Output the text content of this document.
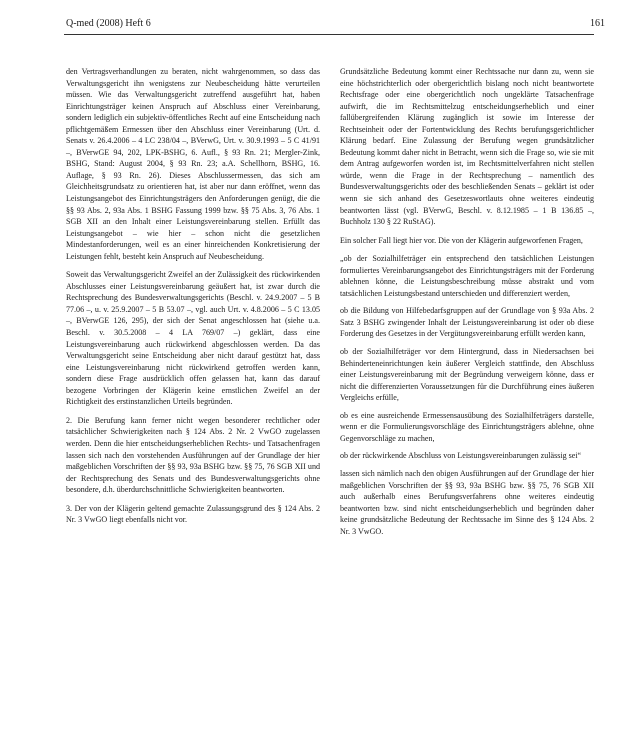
Q-med (2008) Heft 6	161

den Vertragsverhandlungen zu beraten, nicht wahrgenommen, so dass das Verwaltungsgericht ihn wenigstens zur Neubescheidung hätte verurteilen müssen. Wie das Verwaltungsgericht zutreffend ausgeführt hat, haben Einrichtungsträger keinen Anspruch auf Abschluss einer Vereinbarung, sondern lediglich ein subjektiv-öffentliches Recht auf eine Entscheidung nach pflichtgemäßem Ermessen über den Abschluss einer Vereinbarung (Urt. d. Senats v. 26.4.2006 – 4 LC 238/04 –, BVerwG, Urt. v. 30.9.1993 – 5 C 41/91 –, BVerwGE 94, 202, LPK-BSHG, 6. Aufl., § 93 Rn. 21; Mergler-Zink, BSHG, Stand: August 2004, § 93 Rn. 23; a.A. Schellhorn, BSHG, 16. Auflage, § 93 Rn. 26). Dieses Abschlussermessen, das sich am Gleichheitsgrundsatz zu orientieren hat, ist aber nur dann eröffnet, wenn das Leistungsangebot des Einrichtungsträgers den Anforderungen genügt, die die §§ 93 Abs. 2, 93a Abs. 1 BSHG Fassung 1999 bzw. §§ 75 Abs. 3, 76 Abs. 1 SGB XII an den Inhalt einer Leistungsvereinbarung stellen. Erfüllt das Leistungsangebot – wie hier – schon nicht die gesetzlichen Mindestanforderungen, weil es an einer hinreichenden Konkretisierung der Leistungen fehlt, besteht kein Anspruch auf Neubescheidung.

Soweit das Verwaltungsgericht Zweifel an der Zulässigkeit des rückwirkenden Abschlusses einer Leistungsvereinbarung geäußert hat, ist zwar durch die Rechtsprechung des Bundesverwaltungsgerichts (Beschl. v. 24.9.2007 – 5 B 77.06 –, u. v. 25.9.2007 – 5 B 53.07 –, vgl. auch Urt. v. 4.8.2006 – 5 C 13.05 –, BVerwGE 126, 295), der sich der Senat angeschlossen hat (siehe u.a. Beschl. v. 30.5.2008 – 4 LA 769/07 –) geklärt, dass eine Leistungsvereinbarung auch rückwirkend abgeschlossen werden. Da das Verwaltungsgericht seine Entscheidung aber nicht darauf gestützt hat, dass eine Leistungsvereinbarung nicht rückwirkend getroffen werden kann, sondern diese Frage ausdrücklich offen gelassen hat, kann das darauf bezogene Vorbringen der Klägerin keine ernstlichen Zweifel an der Richtigkeit des erstinstanzlichen Urteils begründen.

2. Die Berufung kann ferner nicht wegen besonderer rechtlicher oder tatsächlicher Schwierigkeiten nach § 124 Abs. 2 Nr. 2 VwGO zugelassen werden. Denn die hier entscheidungserheblichen Rechts- und Tatsachenfragen lassen sich nach den vorstehenden Ausführungen auf der Grundlage der hier maßgeblichen Vorschriften der §§ 93, 93a BSHG bzw. §§ 75, 76 SGB XII und der Rechtsprechung des Senats und des Bundesverwaltungsgerichts ohne besondere, d.h. überdurchschnittliche Schwierigkeiten beantworten.

3. Der von der Klägerin geltend gemachte Zulassungsgrund des § 124 Abs. 2 Nr. 3 VwGO liegt ebenfalls nicht vor.

Grundsätzliche Bedeutung kommt einer Rechtssache nur dann zu, wenn sie eine höchstrichterlich oder obergerichtlich bislang noch nicht beantwortete Rechtsfrage oder eine obergerichtlich noch ungeklärte Tatsachenfrage aufwirft, die im Rechtsmittelzug entscheidungserheblich und einer fallübergreifenden Klärung zugänglich ist sowie im Interesse der Rechtseinheit oder der Fortentwicklung des Rechts berufungsgerichtlicher Klärung bedarf. Eine Zulassung der Berufung wegen grundsätzlicher Bedeutung kommt daher nicht in Betracht, wenn sich die Frage so, wie sie mit dem Antrag aufgeworfen worden ist, im Rechtsmittelverfahren nicht stellen würde, wenn die Frage in der Rechtsprechung – namentlich des Bundesverwaltungsgerichts oder des beschließenden Senats – geklärt ist oder wenn sie sich anhand des Gesetzeswortlauts ohne weiteres eindeutig beantworten lässt (vgl. BVerwG, Beschl. v. 8.12.1985 – 1 B 136.85 –, Buchholz 130 § 22 RuStAG).

Ein solcher Fall liegt hier vor. Die von der Klägerin aufgeworfenen Fragen,

„ob der Sozialhilfeträger ein entsprechend den tatsächlichen Leistungen formuliertes Vereinbarungsangebot des Einrichtungsträgers mit der Forderung ablehnen könne, die Leistungsbeschreibung müsse abstrakt und vom tatsächlichen Leistungsbestand unterschieden und differenziert werden,

ob die Bildung von Hilfebedarfsgruppen auf der Grundlage von § 93a Abs. 2 Satz 3 BSHG zwingender Inhalt der Leistungsvereinbarung ist oder ob diese Forderung des Gesetzes in der Vergütungsvereinbarung erfüllt werden kann,

ob der Sozialhilfeträger vor dem Hintergrund, dass in Niedersachsen bei Behinderteneinrichtungen kein äußerer Vergleich stattfinde, den Abschluss einer Leistungsvereinbarung mit der Begründung verweigern könne, dass er nicht die differenzierten Voraussetzungen für die Durchführung eines äußeren Vergleichs erfülle,

ob es eine ausreichende Ermessensausübung des Sozialhilfeträgers darstelle, wenn er die Formulierungsvorschläge des Einrichtungsträgers ablehne, ohne Gegenvorschläge zu machen,

ob der rückwirkende Abschluss von Leistungsvereinbarungen zulässig sei“

lassen sich nämlich nach den obigen Ausführungen auf der Grundlage der hier maßgeblichen Vorschriften der §§ 93, 93a BSHG bzw. §§ 75, 76 SGB XII auch außerhalb eines Berufungsverfahrens ohne weiteres eindeutig beantworten bzw. sind nicht entscheidungserheblich und begründen daher keine grundsätzliche Bedeutung der Rechtssache im Sinne des § 124 Abs. 2 Nr. 3 VwGO.
